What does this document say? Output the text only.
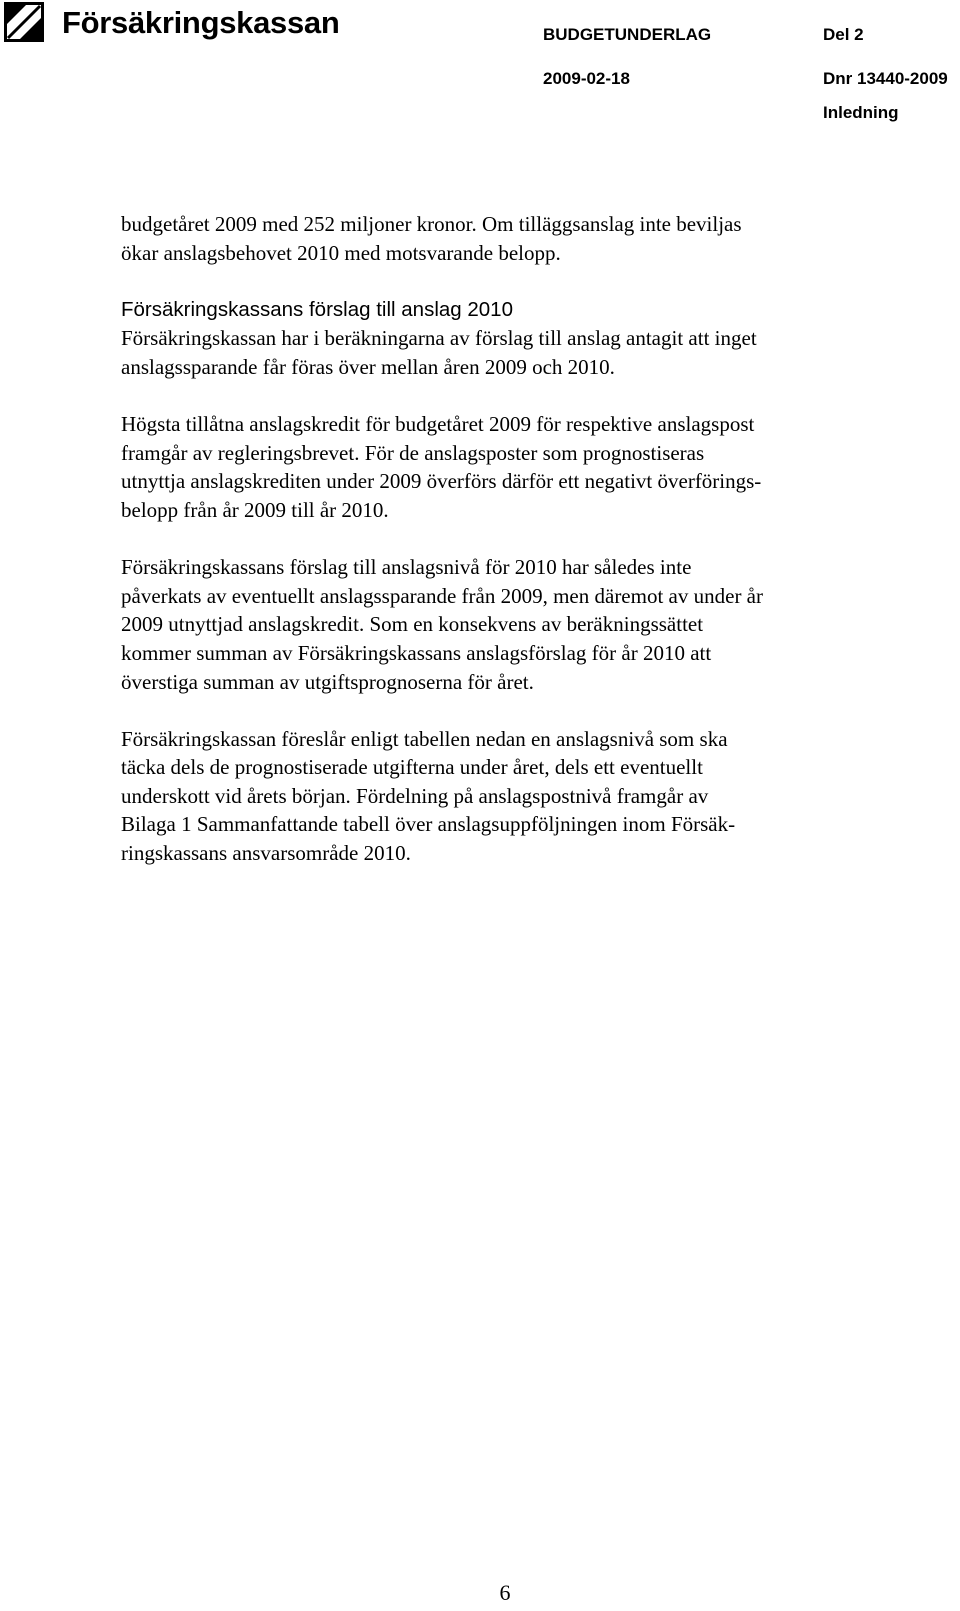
Försäkringskassan	BUDGETUNDERLAG	Del 2
2009-02-18	Dnr 13440-2009
Inledning

budgetåret 2009 med 252 miljoner kronor. Om tilläggsanslag inte beviljas
ökar anslagsbehovet 2010 med motsvarande belopp.

Försäkringskassans förslag till anslag 2010
Försäkringskassan har i beräkningarna av förslag till anslag antagit att inget
anslagssparande får föras över mellan åren 2009 och 2010.

Högsta tillåtna anslagskredit för budgetåret 2009 för respektive anslagspost
framgår av regleringsbrevet. För de anslagsposter som prognostiseras
utnyttja anslagskrediten under 2009 överförs därför ett negativt överförings-
belopp från år 2009 till år 2010.

Försäkringskassans förslag till anslagsnivå för 2010 har således inte
påverkats av eventuellt anslagssparande från 2009, men däremot av under år
2009 utnyttjad anslagskredit. Som en konsekvens av beräkningssättet
kommer summan av Försäkringskassans anslagsförslag för år 2010 att
överstiga summan av utgiftsprognoserna för året.

Försäkringskassan föreslår enligt tabellen nedan en anslagsnivå som ska
täcka dels de prognostiserade utgifterna under året, dels ett eventuellt
underskott vid årets början. Fördelning på anslagspostnivå framgår av
Bilaga 1 Sammanfattande tabell över anslagsuppföljningen inom Försäk-
ringskassans ansvarsområde 2010.

6
